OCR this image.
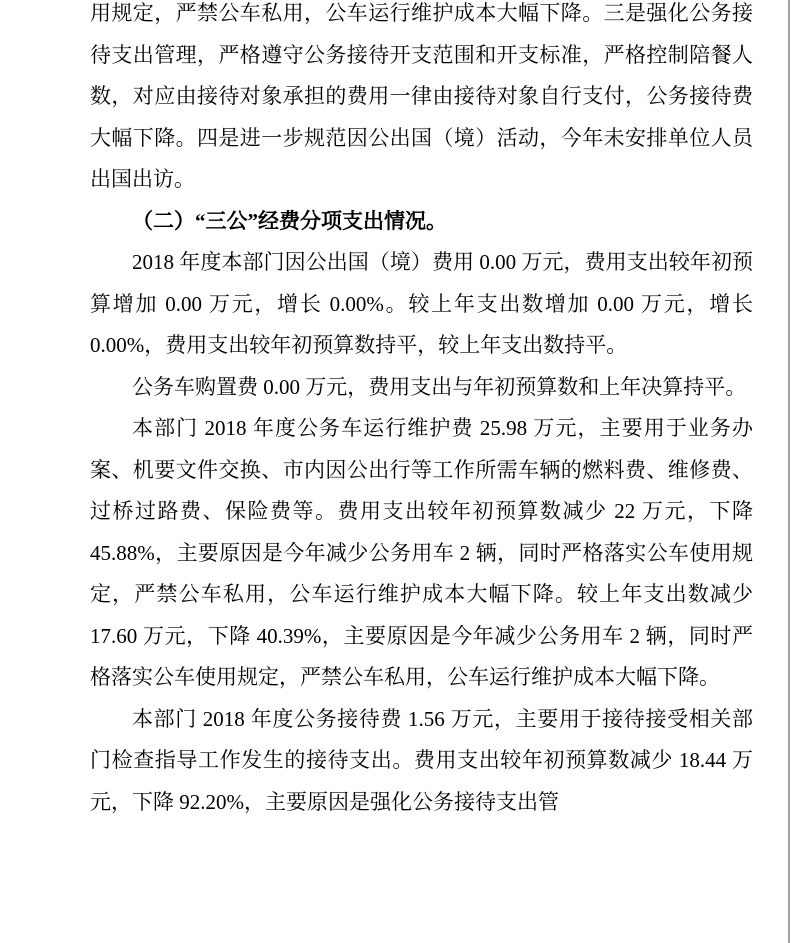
用规定，严禁公车私用，公车运行维护成本大幅下降。三是强化公务接待支出管理，严格遵守公务接待开支范围和开支标准，严格控制陪餐人数，对应由接待对象承担的费用一律由接待对象自行支付，公务接待费大幅下降。四是进一步规范因公出国（境）活动，今年未安排单位人员出国出访。

（二）“三公”经费分项支出情况。

2018 年度本部门因公出国（境）费用 0.00 万元，费用支出较年初预算增加 0.00 万元，增长 0.00%。较上年支出数增加 0.00 万元，增长 0.00%，费用支出较年初预算数持平，较上年支出数持平。

公务车购置费 0.00 万元，费用支出与年初预算数和上年决算持平。

本部门 2018 年度公务车运行维护费 25.98 万元，主要用于业务办案、机要文件交换、市内因公出行等工作所需车辆的燃料费、维修费、过桥过路费、保险费等。费用支出较年初预算数减少 22 万元，下降 45.88%，主要原因是今年减少公务用车 2 辆，同时严格落实公车使用规定，严禁公车私用，公车运行维护成本大幅下降。较上年支出数减少 17.60 万元，下降 40.39%，主要原因是今年减少公务用车 2 辆，同时严格落实公车使用规定，严禁公车私用，公车运行维护成本大幅下降。

本部门 2018 年度公务接待费 1.56 万元，主要用于接待接受相关部门检查指导工作发生的接待支出。费用支出较年初预算数减少 18.44 万元，下降 92.20%，主要原因是强化公务接待支出管
